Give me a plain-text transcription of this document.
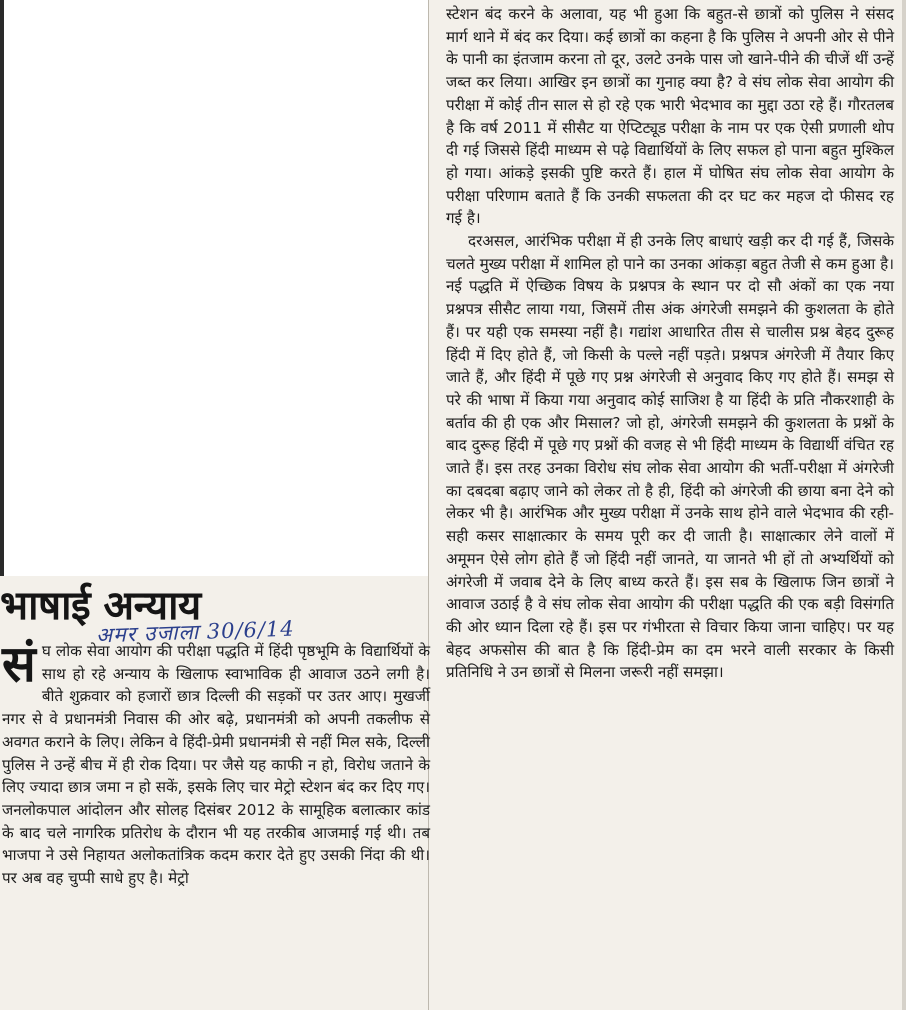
भाषाई अन्याय
अमर उजाला 30/6/14

संघ लोक सेवा आयोग की परीक्षा पद्धति में हिंदी पृष्ठभूमि के विद्यार्थियों के साथ हो रहे अन्याय के खिलाफ स्वाभाविक ही आवाज उठने लगी है। बीते शुक्रवार को हजारों छात्र दिल्ली की सड़कों पर उतर आए। मुखर्जी नगर से वे प्रधानमंत्री निवास की ओर बढ़े, प्रधानमंत्री को अपनी तकलीफ से अवगत कराने के लिए। लेकिन वे हिंदी-प्रेमी प्रधानमंत्री से नहीं मिल सके, दिल्ली पुलिस ने उन्हें बीच में ही रोक दिया। पर जैसे यह काफी न हो, विरोध जताने के लिए ज्यादा छात्र जमा न हो सकें, इसके लिए चार मेट्रो स्टेशन बंद कर दिए गए। जनलोकपाल आंदोलन और सोलह दिसंबर 2012 के सामूहिक बलात्कार कांड के बाद चले नागरिक प्रतिरोध के दौरान भी यह तरकीब आजमाई गई थी। तब भाजपा ने उसे निहायत अलोकतांत्रिक कदम करार देते हुए उसकी निंदा की थी। पर अब वह चुप्पी साधे हुए है। मेट्रो

स्टेशन बंद करने के अलावा, यह भी हुआ कि बहुत-से छात्रों को पुलिस ने संसद मार्ग थाने में बंद कर दिया। कई छात्रों का कहना है कि पुलिस ने अपनी ओर से पीने के पानी का इंतजाम करना तो दूर, उलटे उनके पास जो खाने-पीने की चीजें थीं उन्हें जब्त कर लिया। आखिर इन छात्रों का गुनाह क्या है? वे संघ लोक सेवा आयोग की परीक्षा में कोई तीन साल से हो रहे एक भारी भेदभाव का मुद्दा उठा रहे हैं। गौरतलब है कि वर्ष 2011 में सीसैट या ऐप्टिट्यूड परीक्षा के नाम पर एक ऐसी प्रणाली थोप दी गई जिससे हिंदी माध्यम से पढ़े विद्यार्थियों के लिए सफल हो पाना बहुत मुश्किल हो गया। आंकड़े इसकी पुष्टि करते हैं। हाल में घोषित संघ लोक सेवा आयोग के परीक्षा परिणाम बताते हैं कि उनकी सफलता की दर घट कर महज दो फीसद रह गई है।

दरअसल, आरंभिक परीक्षा में ही उनके लिए बाधाएं खड़ी कर दी गई हैं, जिसके चलते मुख्य परीक्षा में शामिल हो पाने का उनका आंकड़ा बहुत तेजी से कम हुआ है। नई पद्धति में ऐच्छिक विषय के प्रश्नपत्र के स्थान पर दो सौ अंकों का एक नया प्रश्नपत्र सीसैट लाया गया, जिसमें तीस अंक अंगरेजी समझने की कुशलता के होते हैं। पर यही एक समस्या नहीं है। गद्यांश आधारित तीस से चालीस प्रश्न बेहद दुरूह हिंदी में दिए होते हैं, जो किसी के पल्ले नहीं पड़ते। प्रश्नपत्र अंगरेजी में तैयार किए जाते हैं, और हिंदी में पूछे गए प्रश्न अंगरेजी से अनुवाद किए गए होते हैं। समझ से परे की भाषा में किया गया अनुवाद कोई साजिश है या हिंदी के प्रति नौकरशाही के बर्ताव की ही एक और मिसाल? जो हो, अंगरेजी समझने की कुशलता के प्रश्नों के बाद दुरूह हिंदी में पूछे गए प्रश्नों की वजह से भी हिंदी माध्यम के विद्यार्थी वंचित रह जाते हैं। इस तरह उनका विरोध संघ लोक सेवा आयोग की भर्ती-परीक्षा में अंगरेजी का दबदबा बढ़ाए जाने को लेकर तो है ही, हिंदी को अंगरेजी की छाया बना देने को लेकर भी है। आरंभिक और मुख्य परीक्षा में उनके साथ होने वाले भेदभाव की रही-सही कसर साक्षात्कार के समय पूरी कर दी जाती है। साक्षात्कार लेने वालों में अमूमन ऐसे लोग होते हैं जो हिंदी नहीं जानते, या जानते भी हों तो अभ्यर्थियों को अंगरेजी में जवाब देने के लिए बाध्य करते हैं। इस सब के खिलाफ जिन छात्रों ने आवाज उठाई है वे संघ लोक सेवा आयोग की परीक्षा पद्धति की एक बड़ी विसंगति की ओर ध्यान दिला रहे हैं। इस पर गंभीरता से विचार किया जाना चाहिए। पर यह बेहद अफसोस की बात है कि हिंदी-प्रेम का दम भरने वाली सरकार के किसी प्रतिनिधि ने उन छात्रों से मिलना जरूरी नहीं समझा।
